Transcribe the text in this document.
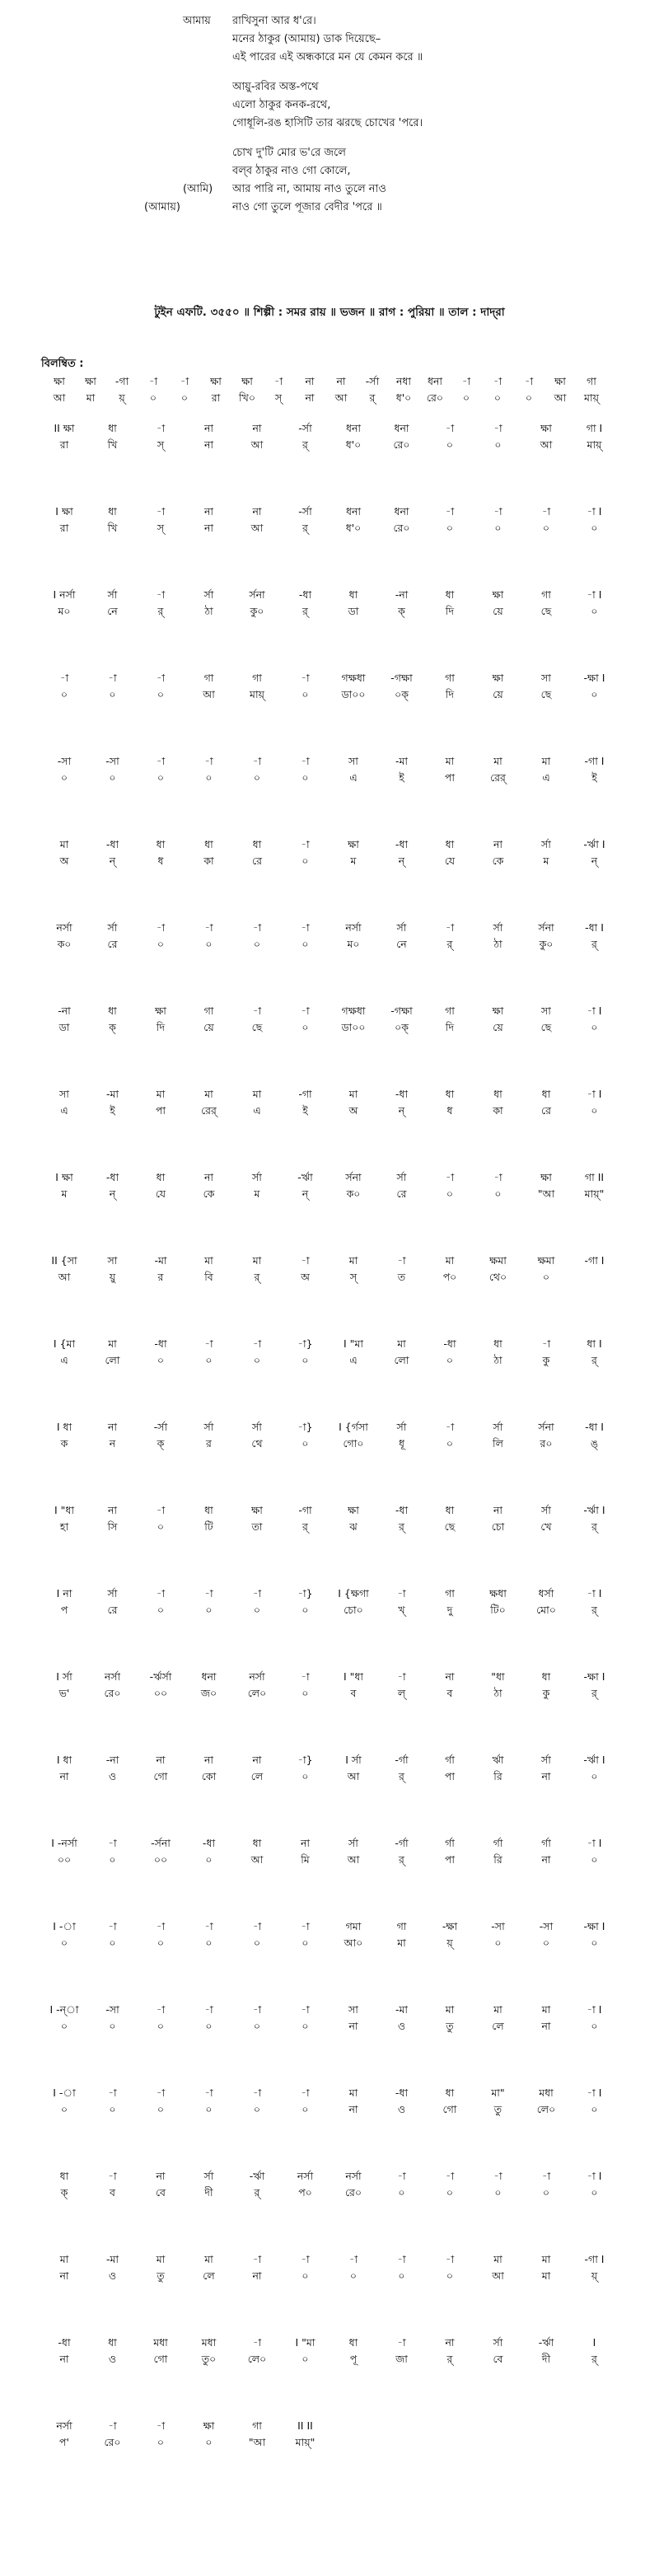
আমায় রাখিসুনা আর ধ'রে।
মনের ঠাকুর (আমায়) ডাক দিয়েছে–
এই পারের এই অন্ধকারে মন যে কেমন করে ॥
আয়ু-রবির অস্ত-পথে
এলো ঠাকুর কনক-রথে,
গোধূলি-রঙ হাসিটি তার ঝরছে চোখের 'পরে।
চোখ দু'টি মোর ভ'রে জলে
বল্‌ব ঠাকুর নাও গো কোলে,
(আমি) আর পারি না, আমায় নাও তুলে নাও
(আমায়)	নাও গো তুলে পূজার বেদীর 'পরে ॥
টুইন এফটি. ৩৫৫০ ॥ শিল্পী : সমর রায় ॥ ভজন ॥ রাগ : পুরিয়া ॥ তাল : দাদ্‌রা
বিলম্বিত :
ক্ষা	ক্ষা	-গা	-া	-া	ক্ষা	ক্ষা	-া	না	না	-র্সা	নধা	ধনা	-া	-া	-া	ক্ষা	গা
আ	মা	য়্	০	০	রা	খি০	স্	না	আ	র্	ধ'০	রে০	০	০	০	আ	মায়্
II ক্ষা	ধা	-া	না	না	-র্সা	ধনা	ধনা	-া	-া	ক্ষা	গা I
রা	খি	স্	না	আ	র্	ধ'০	রে০	০	০	আ	মায়্
I ক্ষা	ধা	-া	না	না	-র্সা	ধনা	ধনা	-া	-া	-া	-া I
রা	খি	স্	না	আ	র্	ধ'০	রে০	০	০	০	০
I নর্সা	র্সা	-া	র্সা	র্সনা	-ধা	ধা	-না	ধা	ক্ষা	গা	-া I
ম০	নে	র্	ঠা	কু০	র্	ডা	ক্	দি	য়ে	ছে	০
-া	-া	-া	গা	গা	-া	গক্ষধা	-গক্ষা	গা	ক্ষা	সা	-ক্ষা I
০	০	০	আ	মায়্	০	ডা০০	০ক্	দি	য়ে	ছে	০
-সা	-সা	-া	-া	-া	-া	সা	-মা	মা	মা	মা	-গা I
০	০	০	০	০	০	এ	ই	পা	রের্	এ	ই
মা	-ধা	ধা	ধা	ধা	-া	ক্ষা	-ধা	ধা	না	র্সা	-র্ঋা I
অ	ন্	ধ	কা	রে	০	ম	ন্	যে	কে	ম	ন্
নর্সা	র্সা	-া	-া	-া	-া	নর্সা	র্সা	-া	র্সা	র্সনা	-ধা I
ক০	রে	০	০	০	০	ম০	নে	র্	ঠা	কু০	র্
-না	ধা	ক্ষা	গা	-া	-া	গক্ষধা	-গক্ষা	গা	ক্ষা	সা	-া I
ডা	ক্	দি	য়ে	ছে	০	ডা০০	০ক্	দি	য়ে	ছে	০
সা	-মা	মা	মা	মা	-গা	মা	-ধা	ধা	ধা	ধা	-া I
এ	ই	পা	রের্	এ	ই	অ	ন্	ধ	কা	রে	০
I ক্ষা	-ধা	ধা	না	র্সা	-র্ঋা	র্সনা	র্সা	-া	-া	ক্ষা	গা II
ম	ন্	যে	কে	ম	ন্	ক০	রে	০	০	"আ	মায়্"
II {সা	সা	-মা	মা	মা	-া	মা	-া	মা	ক্ষমা	ক্ষমা	-গা I
আ	য়ু	র	বি	র্	অ	স্	ত	প০	থে০	০
I {মা	মা	-ধা	-া	-া	-া}	I "মা	মা	-ধা	ধা	-া	ধা I
এ	লো	০	০	০	০	এ	লো	০	ঠা	কু	র্
I ধা	না	-র্সা	র্সা	র্সা	-া}	I {র্গসা	র্সা	-া	র্সা	র্সনা	-ধা I
ক	ন	ক্	র	থে	০	গো০	ধূ	০	লি	র০	ঙ্
I "ধা	না	-া	ধা	ক্ষা	-গা	ক্ষা	-ধা	ধা	না	র্সা	-র্ঋা I
হা	সি	০	টি	তা	র্	ঝ	র্	ছে	চো	খে	র্
I না	র্সা	-া	-া	-া	-া}	I {ক্ষগা	-া	গা	ক্ষধা	ধর্সা	-া I
প	রে	০	০	০	০	চো০	খ্	দু	টি০	মো০	র্
I র্সা	নর্সা	-র্ঋর্সা	ধনা	নর্সা	-া	I "ধা	-া	না	"ধা	ধা	-ক্ষা I
ভ'	রে০	০০	জ০	লে০	০	ব	ল্	ব	ঠা	কু	র্
I ধা	-না	না	না	না	-া}	I র্সা	-র্গা	র্গা	র্ঋা	র্সা	-র্ঋা I
না	ও	গো	কো	লে	০	আ	র্	পা	রি	না	০
I -নর্সা	-া	-র্সনা	-ধা	ধা	না	র্সা	-র্গা	র্গা	র্গা	র্গা	-া I
০০	০	০০	০	আ	মি	আ	র্	পা	রি	না	০
I -া	-া	-া	-া	-া	-া	গমা	গা	-ক্ষা	-সা	-সা	-ক্ষা I
০	০	০	০	০	০	আ০	মা	য়্	০	০	০
I -ন্‌া	-সা	-া	-া	-া	-া	সা	-মা	মা	মা	মা	-া I
০	০	০	০	০	০	না	ও	তু	লে	না	০
I -া	-া	-া	-া	-া	-া	মা	-ধা	ধা	মা"	মধা	-া I
০	০	০	০	০	০	না	ও	গো	তু	লে০	০
ধা	-া	না	র্সা	-র্ঋা	নর্সা	নর্সা	-া	-া	-া	-া	-া I
ক্	ব	বে	দী	র্	প০	রে০	০	০	০	০	০
মা	-মা	মা	মা	-া	-া	-া	-া	-া	মা	মা	-গা I
না	ও	তু	লে	না	০	০	০	০	আ	মা	য়্
-ধা	ধা	মধা	মধা	-া	I "মা	ধা	-া	না	র্সা	-র্ঋা	I
না	ও	গো	তু০	লে০	০	পূ	জা	র্	বে	দী	র্
নর্সা	-া	-া	ক্ষা	গা	II II
প'	রে০	০	০	"আ	মায়্"
